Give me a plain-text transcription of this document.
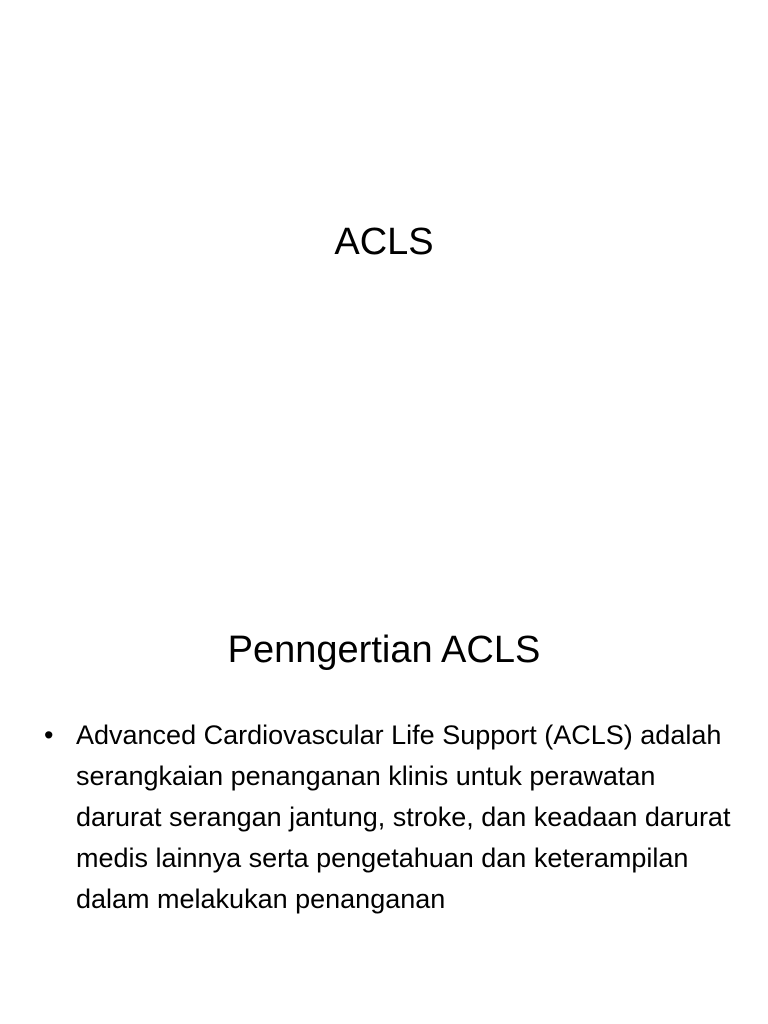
ACLS
Penngertian ACLS
• Advanced Cardiovascular Life Support (ACLS) adalah serangkaian penanganan klinis untuk perawatan darurat serangan jantung, stroke, dan keadaan darurat medis lainnya serta pengetahuan dan keterampilan dalam melakukan penanganan
